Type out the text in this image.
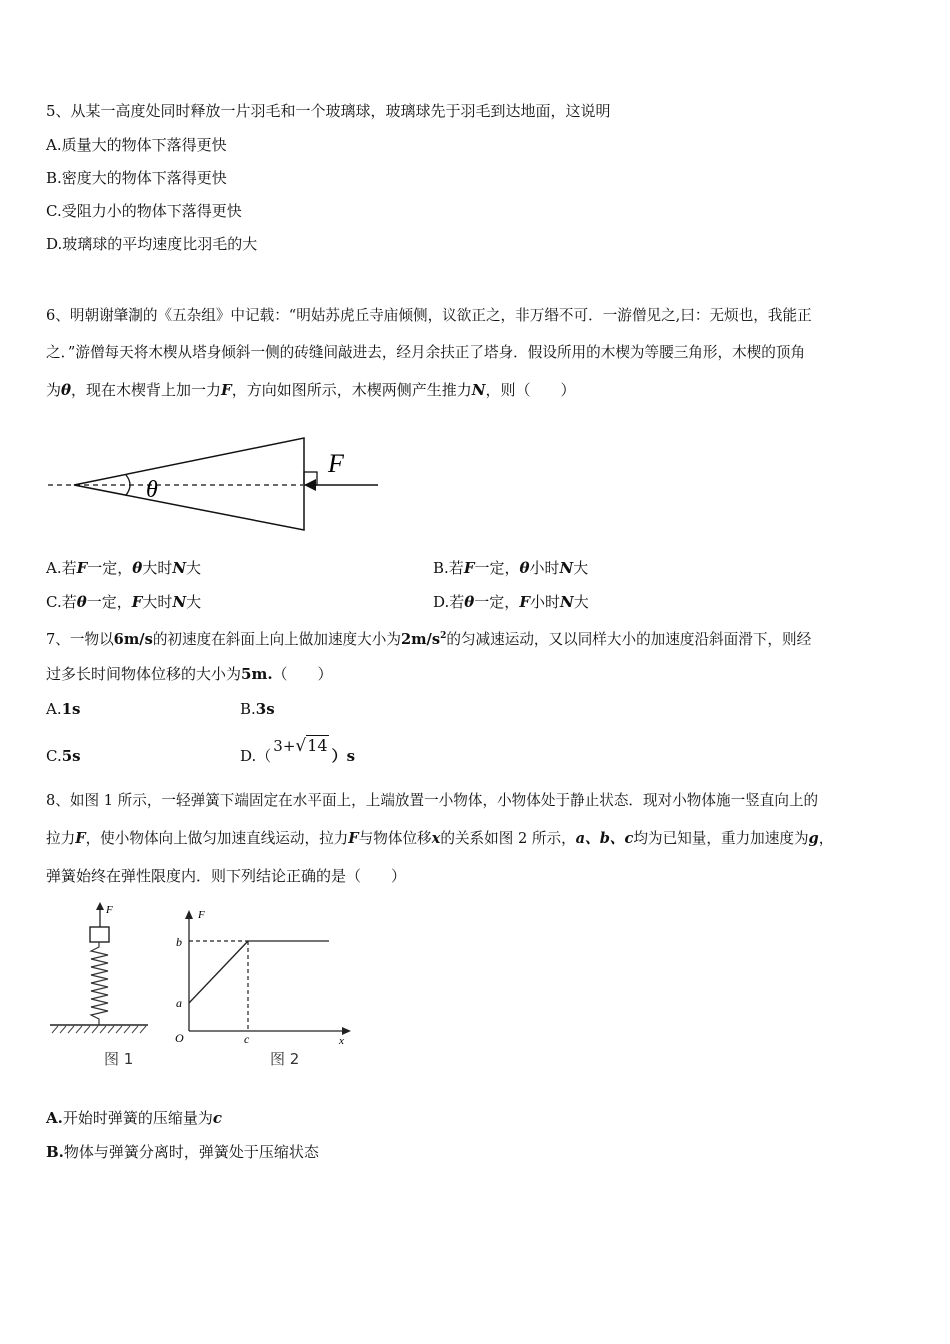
5、从某一高度处同时释放一片羽毛和一个玻璃球，玻璃球先于羽毛到达地面，这说明
A.质量大的物体下落得更快
B.密度大的物体下落得更快
C.受阻力小的物体下落得更快
D.玻璃球的平均速度比羽毛的大
6、明朝谢肇淛的《五杂组》中记载：“明姑苏虎丘寺庙倾侧，议欲正之，非万缗不可．一游僧见之,曰：无烦也，我能正
之．”游僧每天将木楔从塔身倾斜一侧的砖缝间敲进去，经月余扶正了塔身．假设所用的木楔为等腰三角形，木楔的顶角
为θ，现在木楔背上加一力F，方向如图所示，木楔两侧产生推力N，则（　　）
F
θ
A.若F一定，θ大时N大	B.若F一定，θ小时N大
C.若θ一定，F大时N大	D.若θ一定，F小时N大
7、一物以6m/s的初速度在斜面上向上做加速度大小为$2m/s^2$的匀减速运动，又以同样大小的加速度沿斜面滑下，则经
过多长时间物体位移的大小为5m.（　　）
A.1s	B.3s
C.5s	D.（3+√14）s
8、如图 1 所示，一轻弹簧下端固定在水平面上，上端放置一小物体，小物体处于静止状态．现对小物体施一竖直向上的
拉力F，使小物体向上做匀加速直线运动，拉力F与物体位移x的关系如图 2 所示，a、b、c均为已知量，重力加速度为g，
弹簧始终在弹性限度内．则下列结论正确的是（　　）
F
图 1
F
x
O
b
a
c
图 2
A.开始时弹簧的压缩量为c
B.物体与弹簧分离时，弹簧处于压缩状态
